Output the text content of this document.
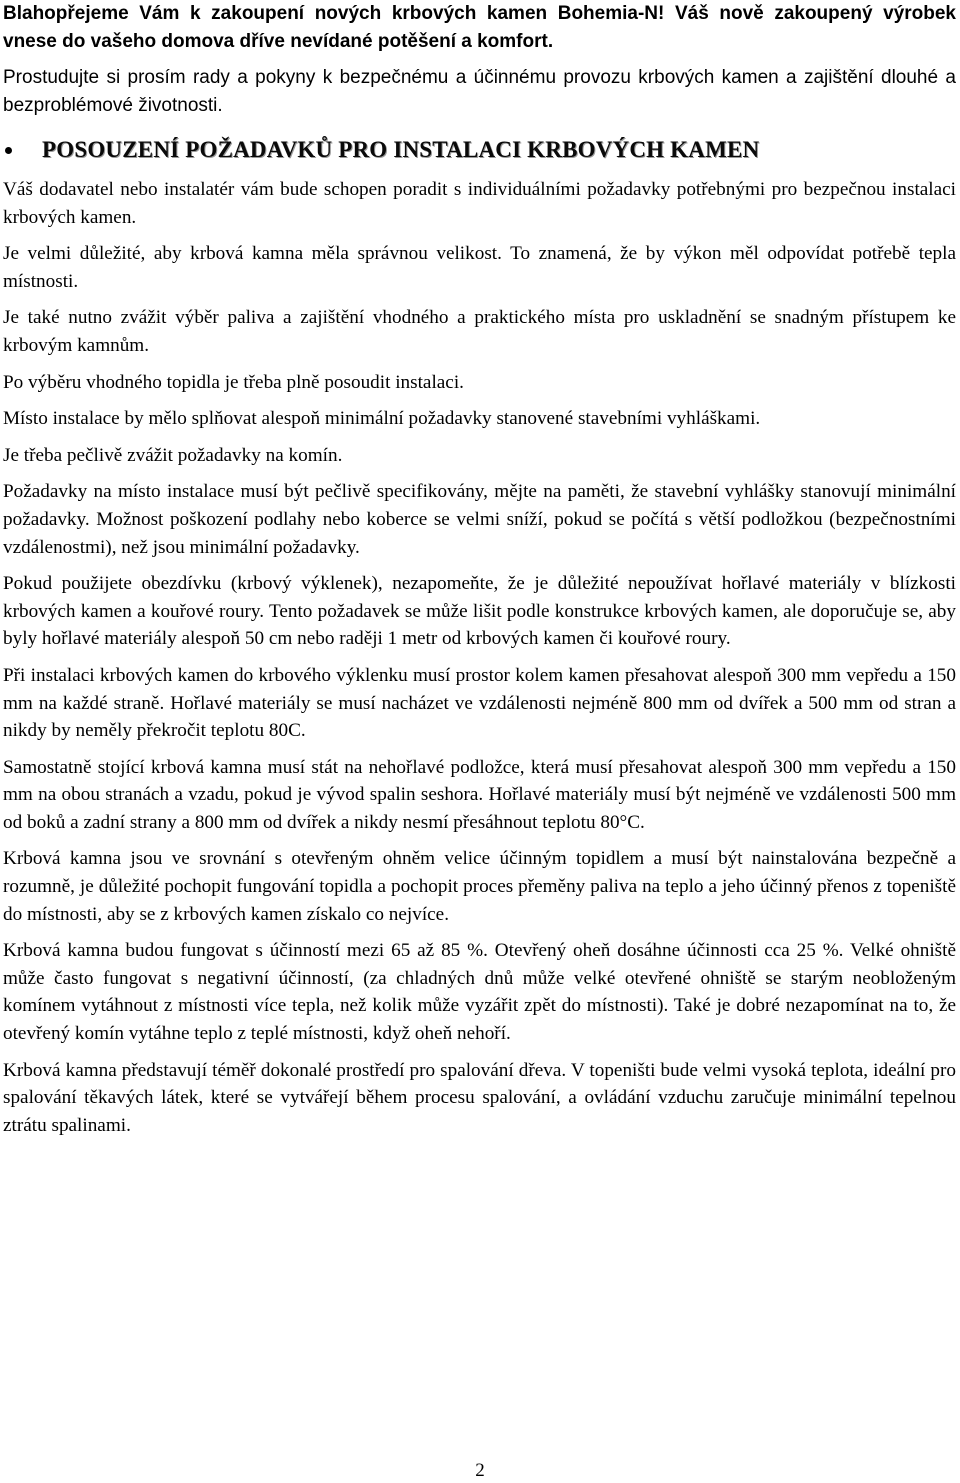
Blahopřejeme Vám k zakoupení nových krbových kamen Bohemia-N! Váš nově zakoupený výrobek vnese do vašeho domova dříve nevídané potěšení a komfort.

Prostudujte si prosím rady a pokyny k bezpečnému a účinnému provozu krbových kamen a zajištění dlouhé a bezproblémové životnosti.

POSOUZENÍ POŽADAVKŮ PRO INSTALACI KRBOVÝCH KAMEN

Váš dodavatel nebo instalatér vám bude schopen poradit s individuálními požadavky potřebnými pro bezpečnou instalaci krbových kamen.

Je velmi důležité, aby krbová kamna měla správnou velikost. To znamená, že by výkon měl odpovídat potřebě tepla místnosti.

Je také nutno zvážit výběr paliva a zajištění vhodného a praktického místa pro uskladnění se snadným přístupem ke krbovým kamnům.

Po výběru vhodného topidla je třeba plně posoudit instalaci.

Místo instalace by mělo splňovat alespoň minimální požadavky stanovené stavebními vyhláškami.

Je třeba pečlivě zvážit požadavky na komín.

Požadavky na místo instalace musí být pečlivě specifikovány, mějte na paměti, že stavební vyhlášky stanovují minimální požadavky. Možnost poškození podlahy nebo koberce se velmi sníží, pokud se počítá s větší podložkou (bezpečnostními vzdálenostmi), než jsou minimální požadavky.

Pokud použijete obezdívku (krbový výklenek), nezapomeňte, že je důležité nepoužívat hořlavé materiály v blízkosti krbových kamen a kouřové roury. Tento požadavek se může lišit podle konstrukce krbových kamen, ale doporučuje se, aby byly hořlavé materiály alespoň 50 cm nebo raději 1 metr od krbových kamen či kouřové roury.

Při instalaci krbových kamen do krbového výklenku musí prostor kolem kamen přesahovat alespoň 300 mm vepředu a 150 mm na každé straně. Hořlavé materiály se musí nacházet ve vzdálenosti nejméně 800 mm od dvířek a 500 mm od stran a nikdy by neměly překročit teplotu 80C.

Samostatně stojící krbová kamna musí stát na nehořlavé podložce, která musí přesahovat alespoň 300 mm vepředu a 150 mm na obou stranách a vzadu, pokud je vývod spalin seshora. Hořlavé materiály musí být nejméně ve vzdálenosti 500 mm od boků a zadní strany a 800 mm od dvířek a nikdy nesmí přesáhnout teplotu 80°C.

Krbová kamna jsou ve srovnání s otevřeným ohněm velice účinným topidlem a musí být nainstalována bezpečně a rozumně, je důležité pochopit fungování topidla a pochopit proces přeměny paliva na teplo a jeho účinný přenos z topeniště do místnosti, aby se z krbových kamen získalo co nejvíce.

Krbová kamna budou fungovat s účinností mezi 65 až 85 %. Otevřený oheň dosáhne účinnosti cca 25 %. Velké ohniště může často fungovat s negativní účinností, (za chladných dnů může velké otevřené ohniště se starým neobloženým komínem vytáhnout z místnosti více tepla, než kolik může vyzářit zpět do místnosti). Také je dobré nezapomínat na to, že otevřený komín vytáhne teplo z teplé místnosti, když oheň nehoří.

Krbová kamna představují téměř dokonalé prostředí pro spalování dřeva. V topeništi bude velmi vysoká teplota, ideální pro spalování těkavých látek, které se vytvářejí během procesu spalování, a ovládání vzduchu zaručuje minimální tepelnou ztrátu spalinami.

2
